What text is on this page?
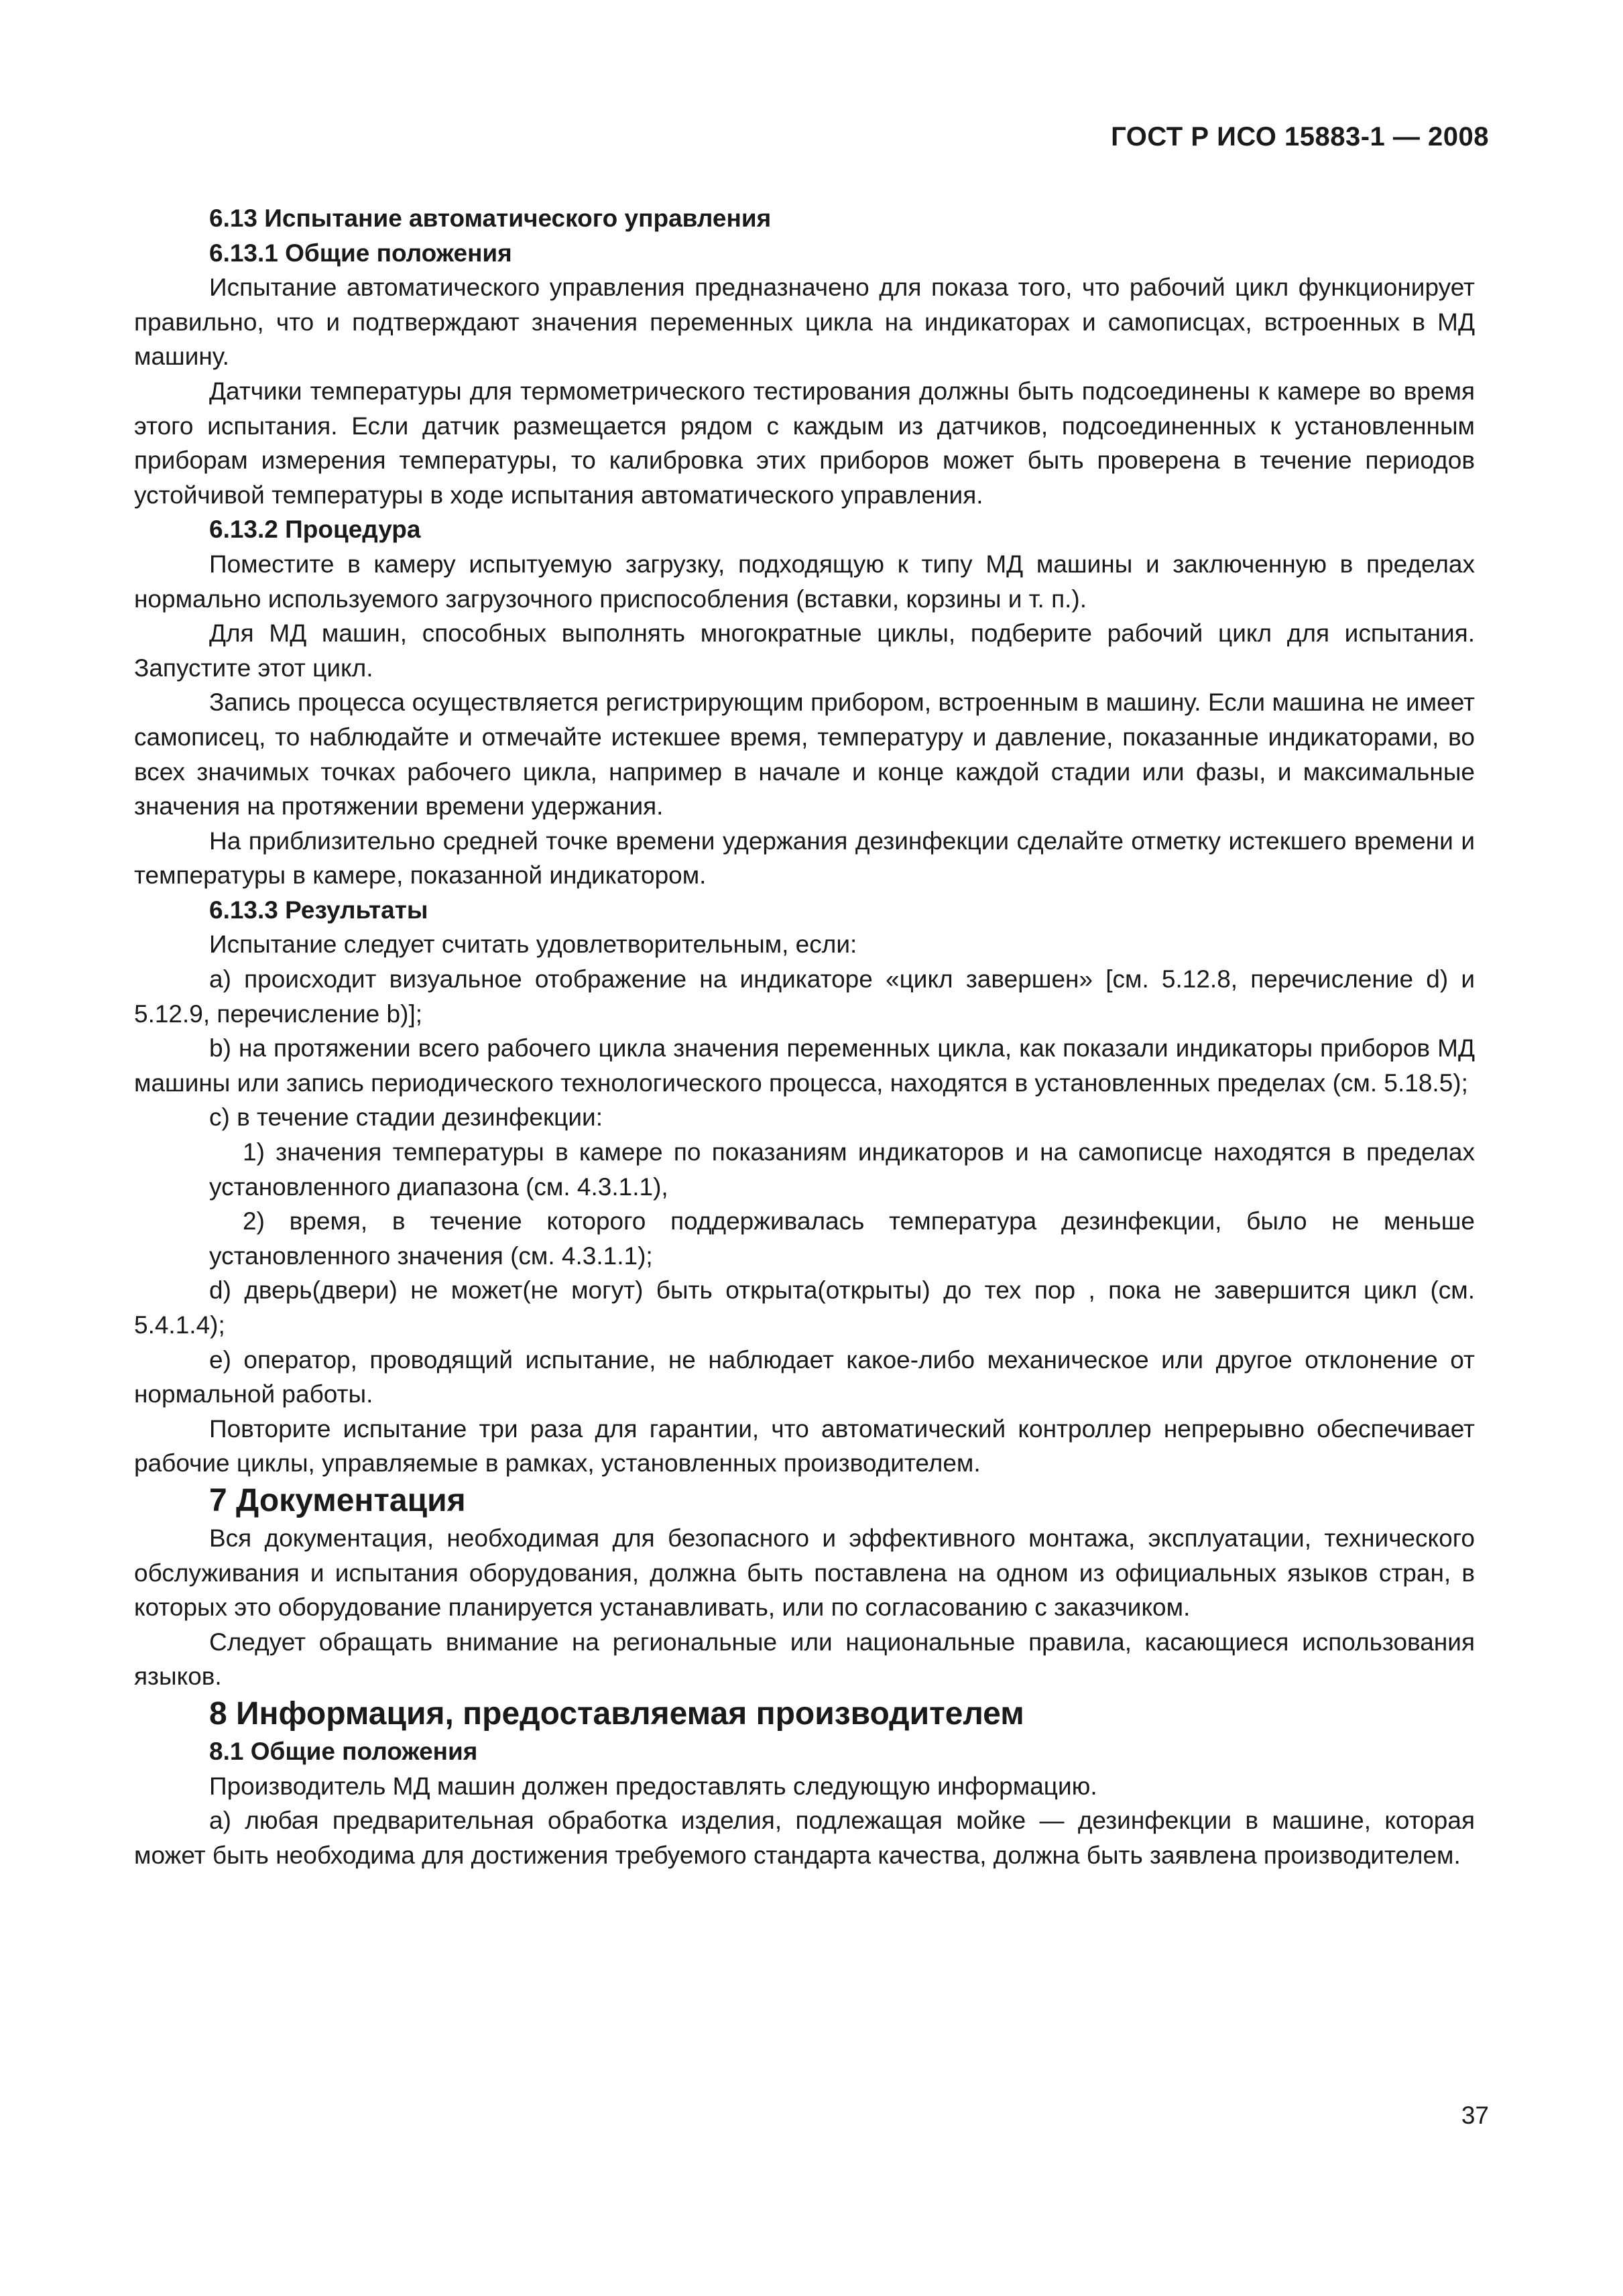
ГОСТ Р ИСО 15883-1 — 2008

6.13 Испытание автоматического управления

6.13.1 Общие положения

Испытание автоматического управления предназначено для показа того, что рабочий цикл функционирует правильно, что и подтверждают значения переменных цикла на индикаторах и самописцах, встроенных в МД машину.

Датчики температуры для термометрического тестирования должны быть подсоединены к камере во время этого испытания. Если датчик размещается рядом с каждым из датчиков, подсоединенных к установленным приборам измерения температуры, то калибровка этих приборов может быть проверена в течение периодов устойчивой температуры в ходе испытания автоматического управления.

6.13.2 Процедура

Поместите в камеру испытуемую загрузку, подходящую к типу МД машины и заключенную в пределах нормально используемого загрузочного приспособления (вставки, корзины и т. п.).

Для МД машин, способных выполнять многократные циклы, подберите рабочий цикл для испытания. Запустите этот цикл.

Запись процесса осуществляется регистрирующим прибором, встроенным в машину. Если машина не имеет самописец, то наблюдайте и отмечайте истекшее время, температуру и давление, показанные индикаторами, во всех значимых точках рабочего цикла, например в начале и конце каждой стадии или фазы, и максимальные значения на протяжении времени удержания.

На приблизительно средней точке времени удержания дезинфекции сделайте отметку истекшего времени и температуры в камере, показанной индикатором.

6.13.3 Результаты

Испытание следует считать удовлетворительным, если:

a) происходит визуальное отображение на индикаторе «цикл завершен» [см. 5.12.8, перечисление d) и 5.12.9, перечисление b)];

b) на протяжении всего рабочего цикла значения переменных цикла, как показали индикаторы приборов МД машины или запись периодического технологического процесса, находятся в установленных пределах (см. 5.18.5);

c) в течение стадии дезинфекции:

1) значения температуры в камере по показаниям индикаторов и на самописце находятся в пределах установленного диапазона (см. 4.3.1.1),

2) время, в течение которого поддерживалась температура дезинфекции, было не меньше установленного значения (см. 4.3.1.1);

d) дверь(двери) не может(не могут) быть открыта(открыты) до тех пор , пока не завершится цикл (см. 5.4.1.4);

e) оператор, проводящий испытание, не наблюдает какое-либо механическое или другое отклонение от нормальной работы.

Повторите испытание три раза для гарантии, что автоматический контроллер непрерывно обеспечивает рабочие циклы, управляемые в рамках, установленных производителем.

7 Документация

Вся документация, необходимая для безопасного и эффективного монтажа, эксплуатации, технического обслуживания и испытания оборудования, должна быть поставлена на одном из официальных языков стран, в которых это оборудование планируется устанавливать, или по согласованию с заказчиком.

Следует обращать внимание на региональные или национальные правила, касающиеся использования языков.

8 Информация, предоставляемая производителем

8.1 Общие положения

Производитель МД машин должен предоставлять следующую информацию.

a) любая предварительная обработка изделия, подлежащая мойке — дезинфекции в машине, которая может быть необходима для достижения требуемого стандарта качества, должна быть заявлена производителем.

37
